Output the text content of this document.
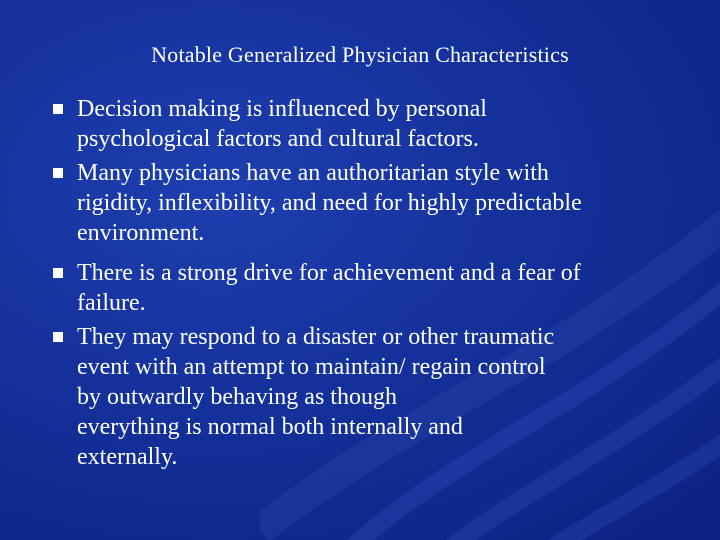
Notable Generalized Physician Characteristics
Decision making is influenced by personal
psychological factors and cultural factors.
Many physicians have an authoritarian style with
rigidity, inflexibility, and need for highly predictable
environment.
There is a strong drive for achievement and a fear of
failure.
They may respond to a disaster or other traumatic
event with an attempt to maintain/ regain control
by outwardly behaving as though
everything is normal both internally and
externally.
